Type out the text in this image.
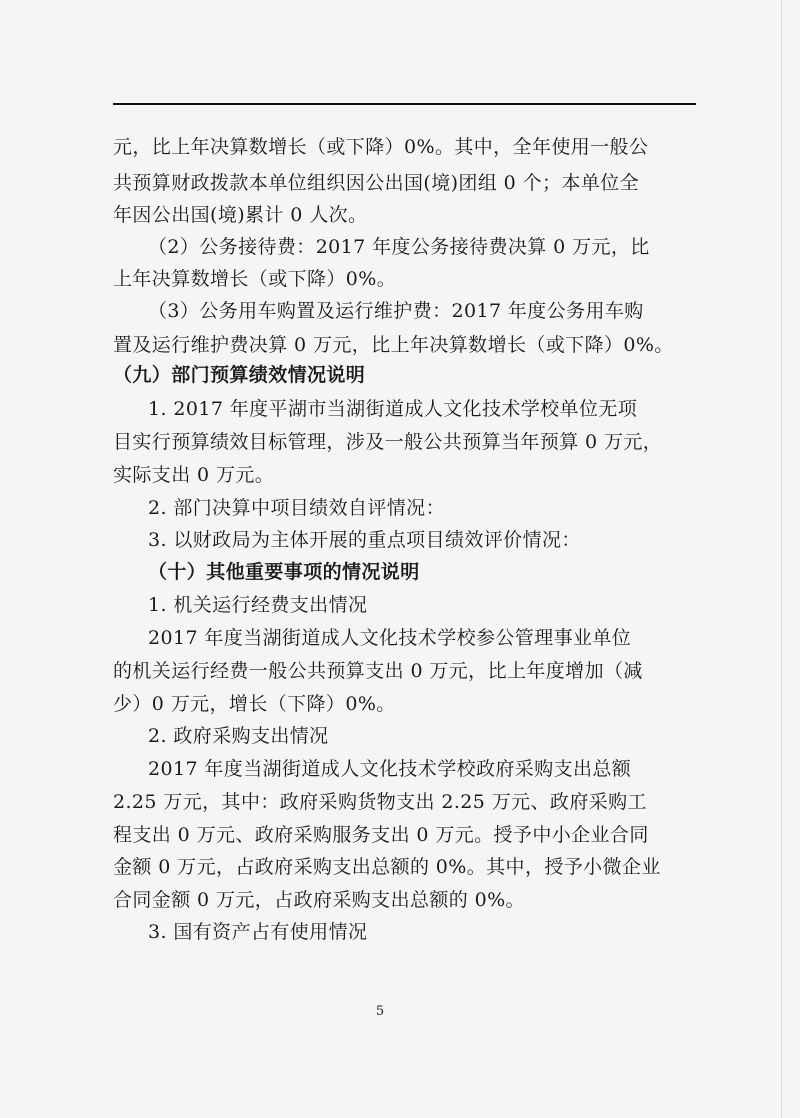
元，比上年决算数增长（或下降）0%。其中，全年使用一般公
共预算财政拨款本单位组织因公出国(境)团组 0 个；本单位全
年因公出国(境)累计 0 人次。
（2）公务接待费：2017 年度公务接待费决算 0 万元，比
上年决算数增长（或下降）0%。
（3）公务用车购置及运行维护费：2017 年度公务用车购
置及运行维护费决算 0 万元，比上年决算数增长（或下降）0%。
（九）部门预算绩效情况说明
1. 2017 年度平湖市当湖街道成人文化技术学校单位无项
目实行预算绩效目标管理，涉及一般公共预算当年预算 0 万元，
实际支出 0 万元。
2. 部门决算中项目绩效自评情况：
3. 以财政局为主体开展的重点项目绩效评价情况：
（十）其他重要事项的情况说明
1. 机关运行经费支出情况
2017 年度当湖街道成人文化技术学校参公管理事业单位
的机关运行经费一般公共预算支出 0 万元，比上年度增加（减
少）0 万元，增长（下降）0%。
2. 政府采购支出情况
2017 年度当湖街道成人文化技术学校政府采购支出总额
2.25 万元，其中：政府采购货物支出 2.25 万元、政府采购工
程支出 0 万元、政府采购服务支出 0 万元。授予中小企业合同
金额 0 万元，占政府采购支出总额的 0%。其中，授予小微企业
合同金额 0 万元，占政府采购支出总额的 0%。
3. 国有资产占有使用情况
5
